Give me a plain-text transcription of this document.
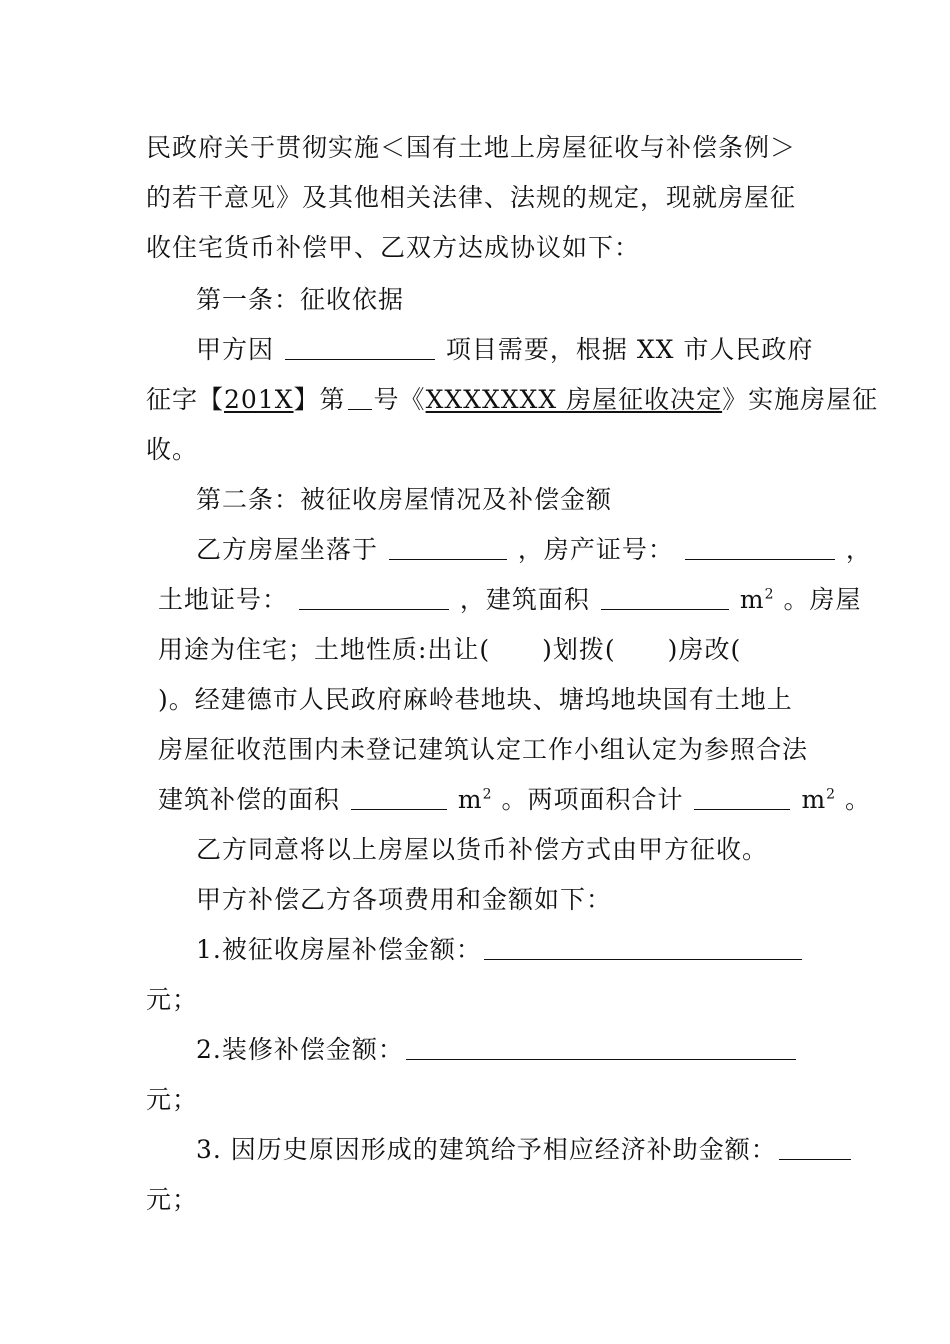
民政府关于贯彻实施＜国有土地上房屋征收与补偿条例＞
的若干意见》及其他相关法律、法规的规定，现就房屋征
收住宅货币补偿甲、乙双方达成协议如下：
第一条：征收依据
甲方因	项目需要，根据 XX 市人民政府
征字【201X】第 号《XXXXXXX 房屋征收决定》实施房屋征
收。
第二条：被征收房屋情况及补偿金额
乙方房屋坐落于	，房产证号：	，
土地证号：	，建筑面积	$m^2$ 。房屋
用途为住宅；土地性质:出让(　　)划拨(　　)房改(
)。经建德市人民政府麻岭巷地块、塘坞地块国有土地上
房屋征收范围内未登记建筑认定工作小组认定为参照合法
建筑补偿的面积	$m^2$ 。两项面积合计	$m^2$ 。
乙方同意将以上房屋以货币补偿方式由甲方征收。
甲方补偿乙方各项费用和金额如下：
1.被征收房屋补偿金额：
元；
2.装修补偿金额：
元；
3. 因历史原因形成的建筑给予相应经济补助金额：
元；
